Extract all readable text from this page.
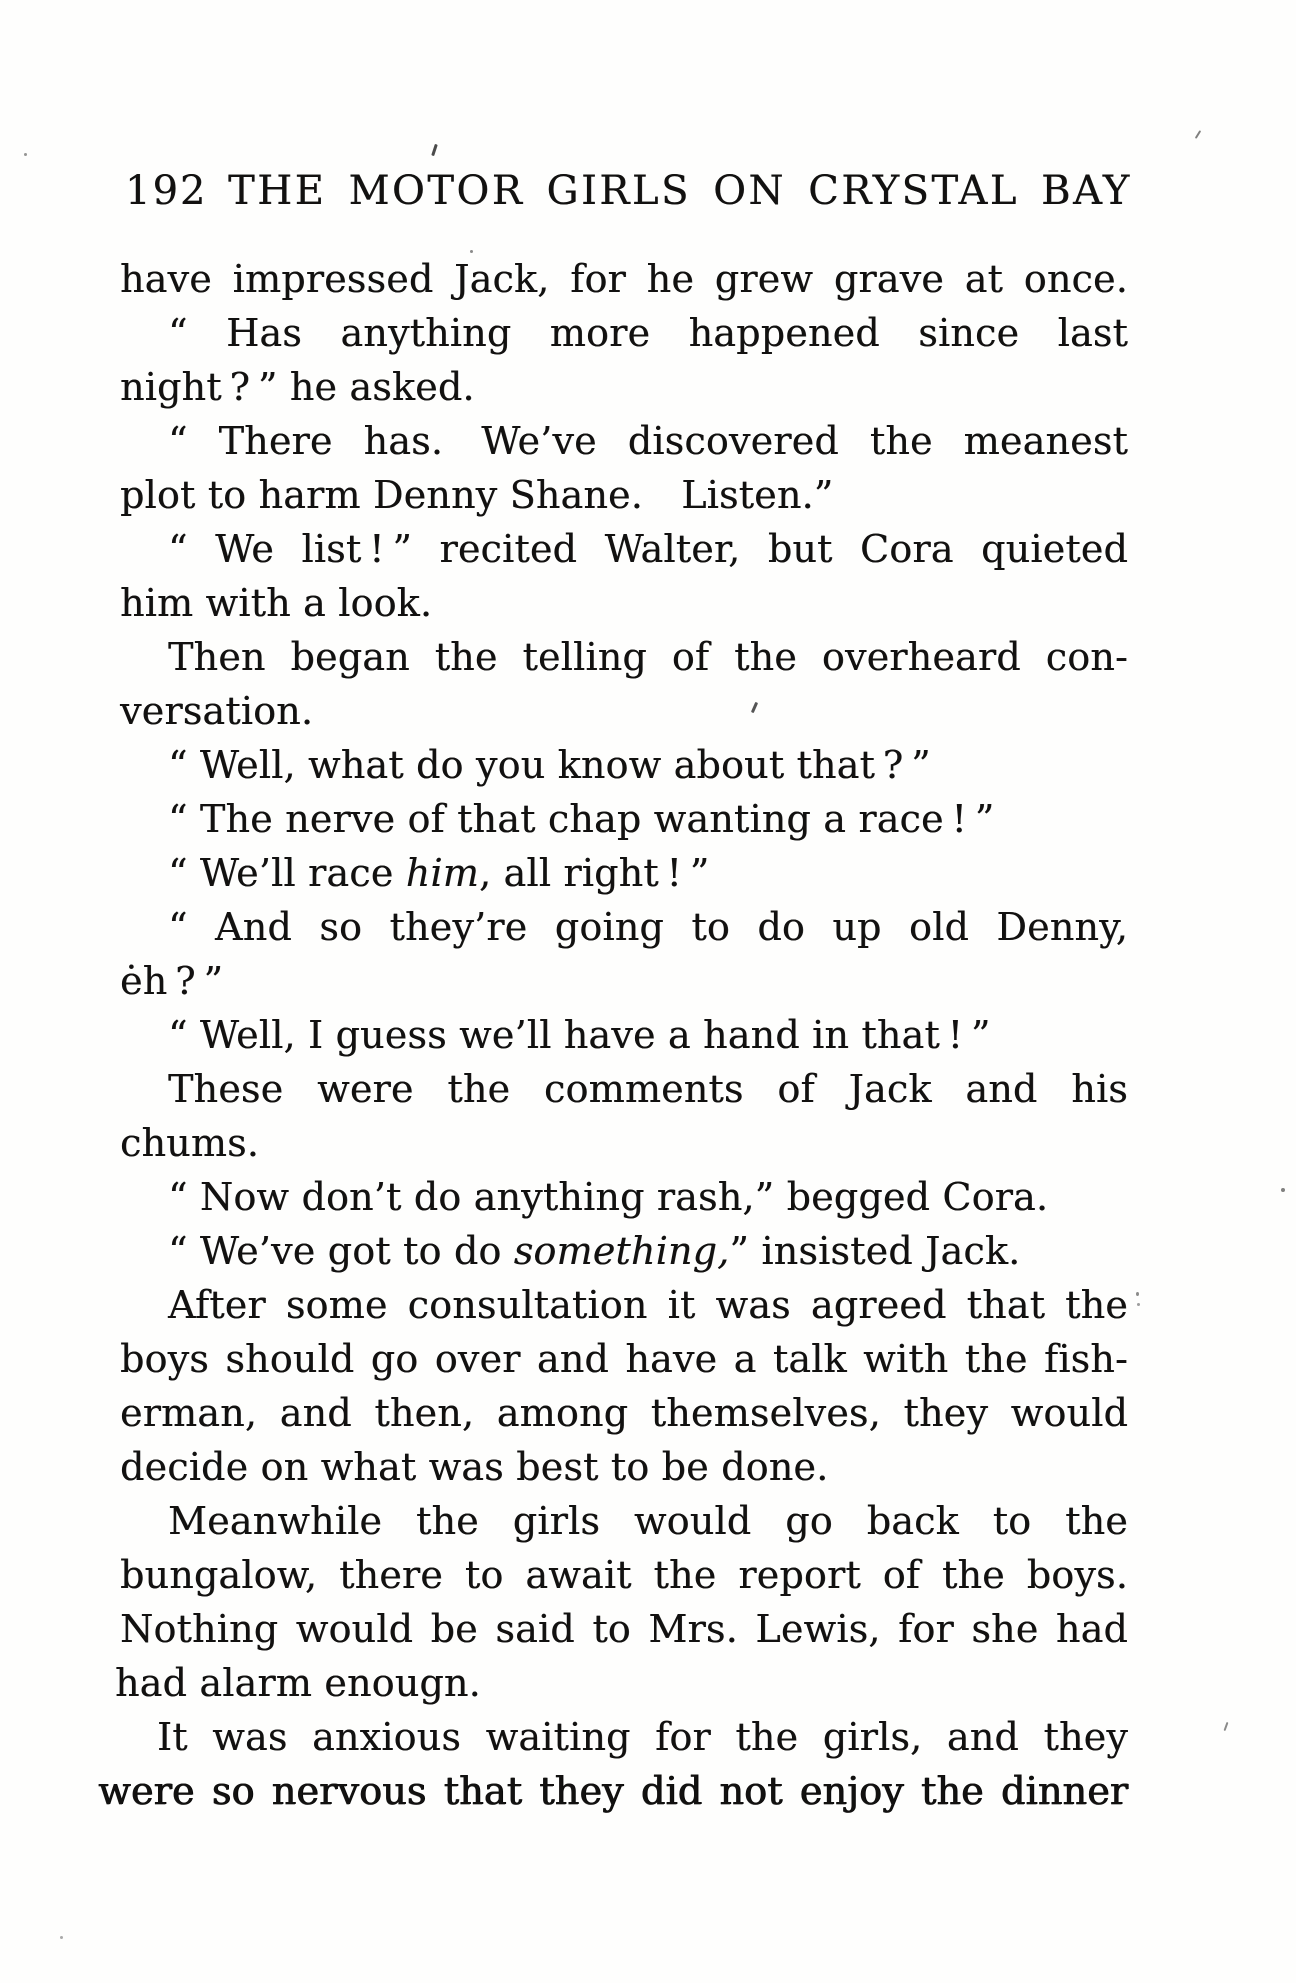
192 THE MOTOR GIRLS ON CRYSTAL BAY
have impressed Jack, for he grew grave at once.
“ Has anything more happened since last
night ? ” he asked.
“ There has. We’ve discovered the meanest
plot to harm Denny Shane. Listen.”
“ We list ! ” recited Walter, but Cora quieted
him with a look.
Then began the telling of the overheard con-
versation.
“ Well, what do you know about that ? ”
“ The nerve of that chap wanting a race ! ”
“ We’ll race him, all right ! ”
“ And so they’re going to do up old Denny,
ėh ? ”
“ Well, I guess we’ll have a hand in that ! ”
These were the comments of Jack and his
chums.
“ Now don’t do anything rash,” begged Cora.
“ We’ve got to do something,” insisted Jack.
After some consultation it was agreed that the
boys should go over and have a talk with the fish-
erman, and then, among themselves, they would
decide on what was best to be done.
Meanwhile the girls would go back to the
bungalow, there to await the report of the boys.
Nothing would be said to Mrs. Lewis, for she had
had alarm enougn.
It was anxious waiting for the girls, and they
were so nervous that they did not enjoy the dinner
